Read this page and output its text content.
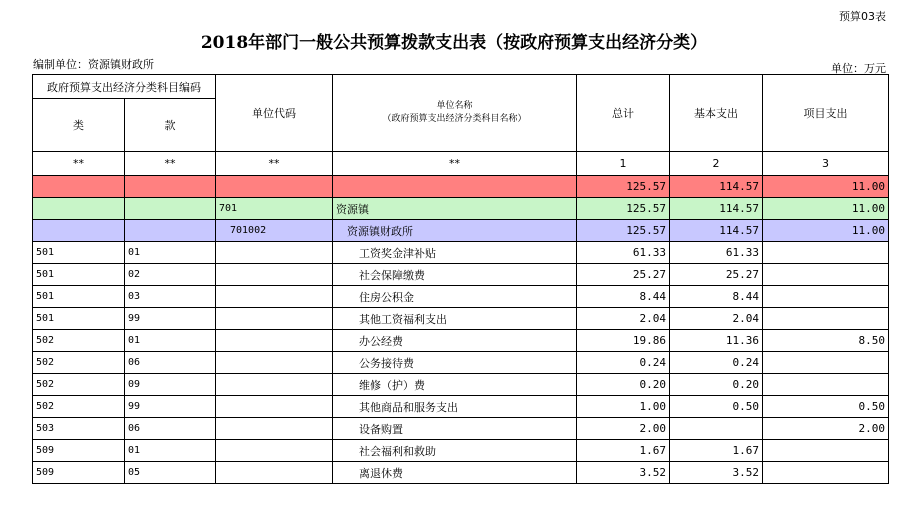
预算03表
2018年部门一般公共预算拨款支出表（按政府预算支出经济分类）
编制单位：资源镇财政所	单位：万元
政府预算支出经济分类科目编码		单位代码	单位名称
（政府预算支出经济分类科目名称）	总计	基本支出	项目支出
类	款					
**	**	**	**	1	2	3
				125.57	114.57	11.00
		701	资源镇	125.57	114.57	11.00
		701002	资源镇财政所	125.57	114.57	11.00
501	01		工资奖金津补贴	61.33	61.33	
501	02		社会保障缴费	25.27	25.27	
501	03		住房公积金	8.44	8.44	
501	99		其他工资福利支出	2.04	2.04	
502	01		办公经费	19.86	11.36	8.50
502	06		公务接待费	0.24	0.24	
502	09		维修（护）费	0.20	0.20	
502	99		其他商品和服务支出	1.00	0.50	0.50
503	06		设备购置	2.00		2.00
509	01		社会福利和救助	1.67	1.67	
509	05		离退休费	3.52	3.52	
